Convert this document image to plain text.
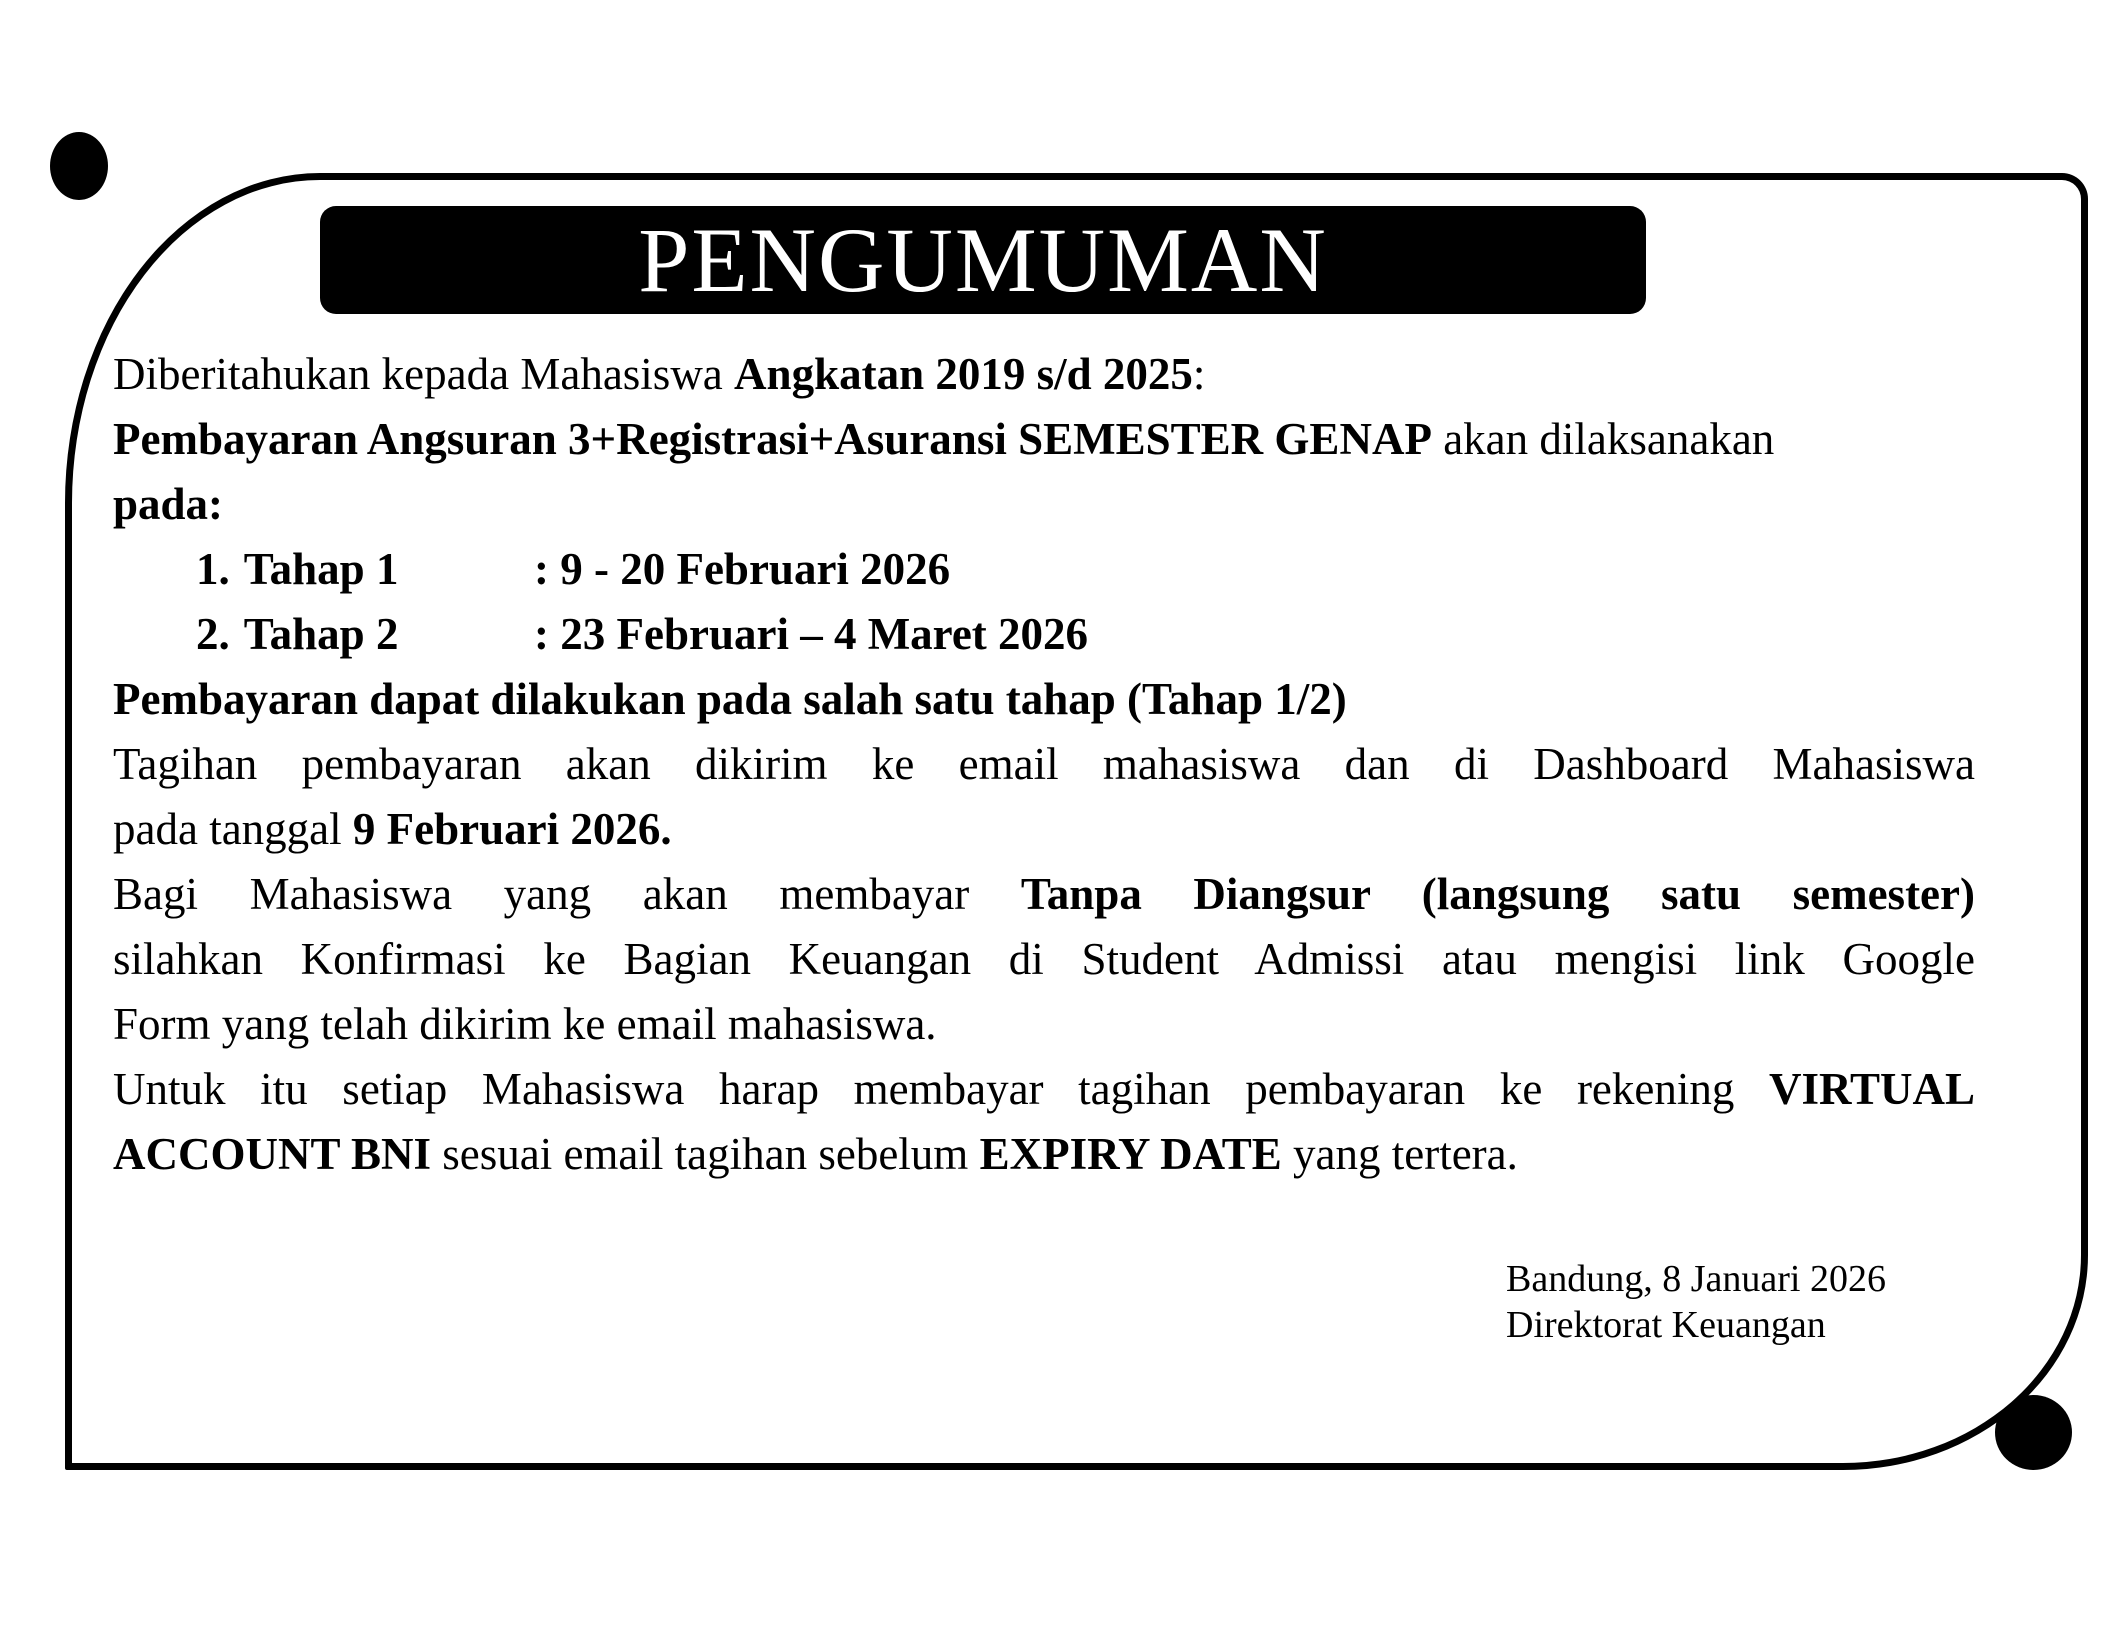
PENGUMUMAN
Diberitahukan kepada Mahasiswa Angkatan 2019 s/d 2025:
Pembayaran Angsuran 3+Registrasi+Asuransi SEMESTER GENAP akan dilaksanakan
pada:
1. Tahap 1	: 9 - 20 Februari 2026
2. Tahap 2	: 23 Februari – 4 Maret 2026
Pembayaran dapat dilakukan pada salah satu tahap (Tahap 1/2)
Tagihan pembayaran akan dikirim ke email mahasiswa dan di Dashboard Mahasiswa
pada tanggal 9 Februari 2026.
Bagi Mahasiswa yang akan membayar Tanpa Diangsur (langsung satu semester)
silahkan Konfirmasi ke Bagian Keuangan di Student Admissi atau mengisi link Google
Form yang telah dikirim ke email mahasiswa.
Untuk itu setiap Mahasiswa harap membayar tagihan pembayaran ke rekening VIRTUAL
ACCOUNT BNI sesuai email tagihan sebelum EXPIRY DATE yang tertera.
Bandung, 8 Januari 2026
Direktorat Keuangan
